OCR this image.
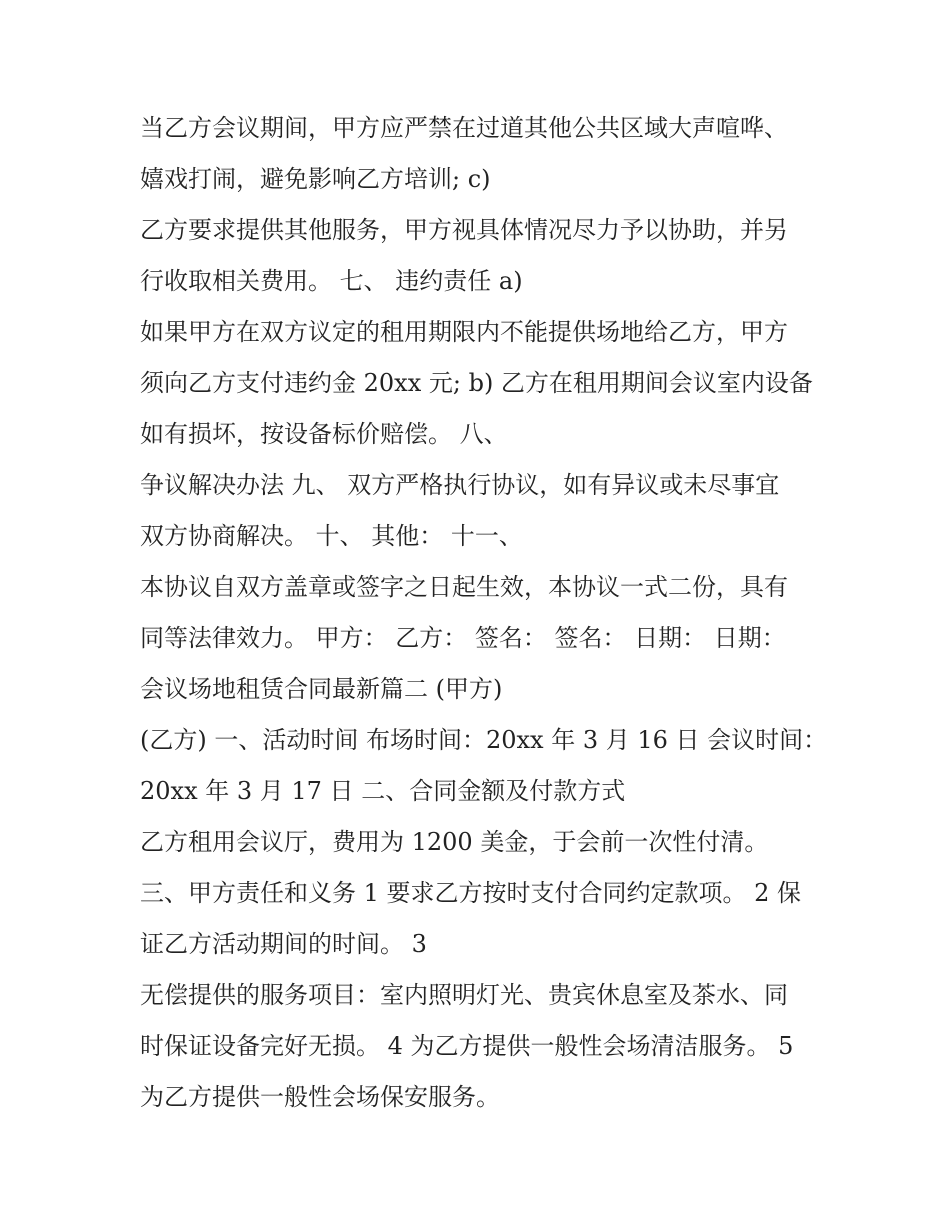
当乙方会议期间，甲方应严禁在过道其他公共区域大声喧哗、
嬉戏打闹，避免影响乙方培训; c)
乙方要求提供其他服务，甲方视具体情况尽力予以协助，并另
行收取相关费用。 七、 违约责任 a)
如果甲方在双方议定的租用期限内不能提供场地给乙方，甲方
须向乙方支付违约金 20xx 元; b) 乙方在租用期间会议室内设备
如有损坏，按设备标价赔偿。 八、
争议解决办法 九、 双方严格执行协议，如有异议或未尽事宜
双方协商解决。 十、 其他： 十一、
本协议自双方盖章或签字之日起生效，本协议一式二份，具有
同等法律效力。 甲方： 乙方： 签名： 签名： 日期： 日期：
会议场地租赁合同最新篇二 (甲方)
(乙方) 一、活动时间 布场时间：20xx 年 3 月 16 日 会议时间：
20xx 年 3 月 17 日 二、合同金额及付款方式
乙方租用会议厅，费用为 1200 美金，于会前一次性付清。
三、甲方责任和义务 1 要求乙方按时支付合同约定款项。 2 保
证乙方活动期间的时间。 3
无偿提供的服务项目：室内照明灯光、贵宾休息室及茶水、同
时保证设备完好无损。 4 为乙方提供一般性会场清洁服务。 5
为乙方提供一般性会场保安服务。
